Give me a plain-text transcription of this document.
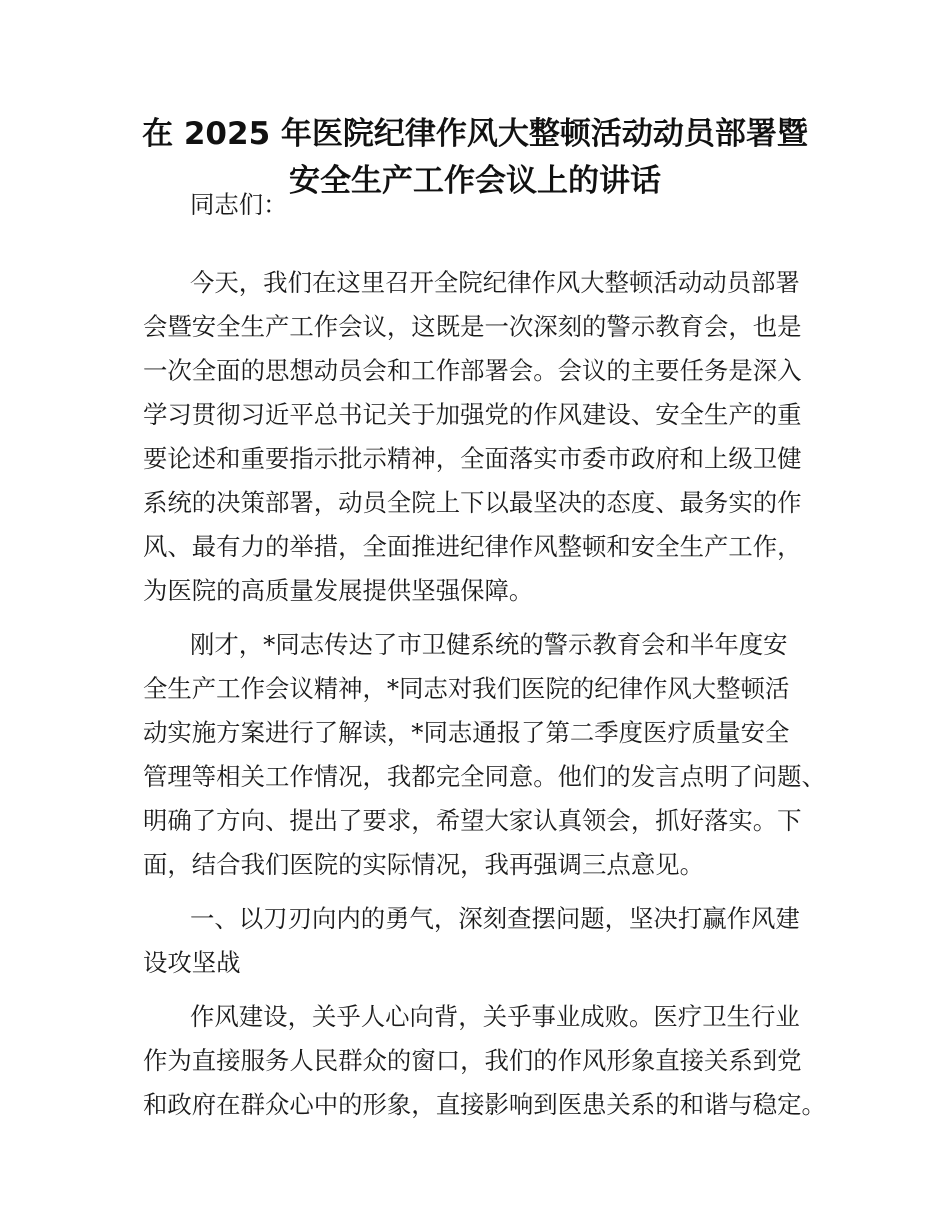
在 2025 年医院纪律作风大整顿活动动员部署暨
安全生产工作会议上的讲话
同志们：
今天，我们在这里召开全院纪律作风大整顿活动动员部署
会暨安全生产工作会议，这既是一次深刻的警示教育会，也是
一次全面的思想动员会和工作部署会。会议的主要任务是深入
学习贯彻习近平总书记关于加强党的作风建设、安全生产的重
要论述和重要指示批示精神，全面落实市委市政府和上级卫健
系统的决策部署，动员全院上下以最坚决的态度、最务实的作
风、最有力的举措，全面推进纪律作风整顿和安全生产工作，
为医院的高质量发展提供坚强保障。
刚才，*同志传达了市卫健系统的警示教育会和半年度安
全生产工作会议精神，*同志对我们医院的纪律作风大整顿活
动实施方案进行了解读，*同志通报了第二季度医疗质量安全
管理等相关工作情况，我都完全同意。他们的发言点明了问题、
明确了方向、提出了要求，希望大家认真领会，抓好落实。下
面，结合我们医院的实际情况，我再强调三点意见。
一、以刀刃向内的勇气，深刻查摆问题，坚决打赢作风建
设攻坚战
作风建设，关乎人心向背，关乎事业成败。医疗卫生行业
作为直接服务人民群众的窗口，我们的作风形象直接关系到党
和政府在群众心中的形象，直接影响到医患关系的和谐与稳定。
